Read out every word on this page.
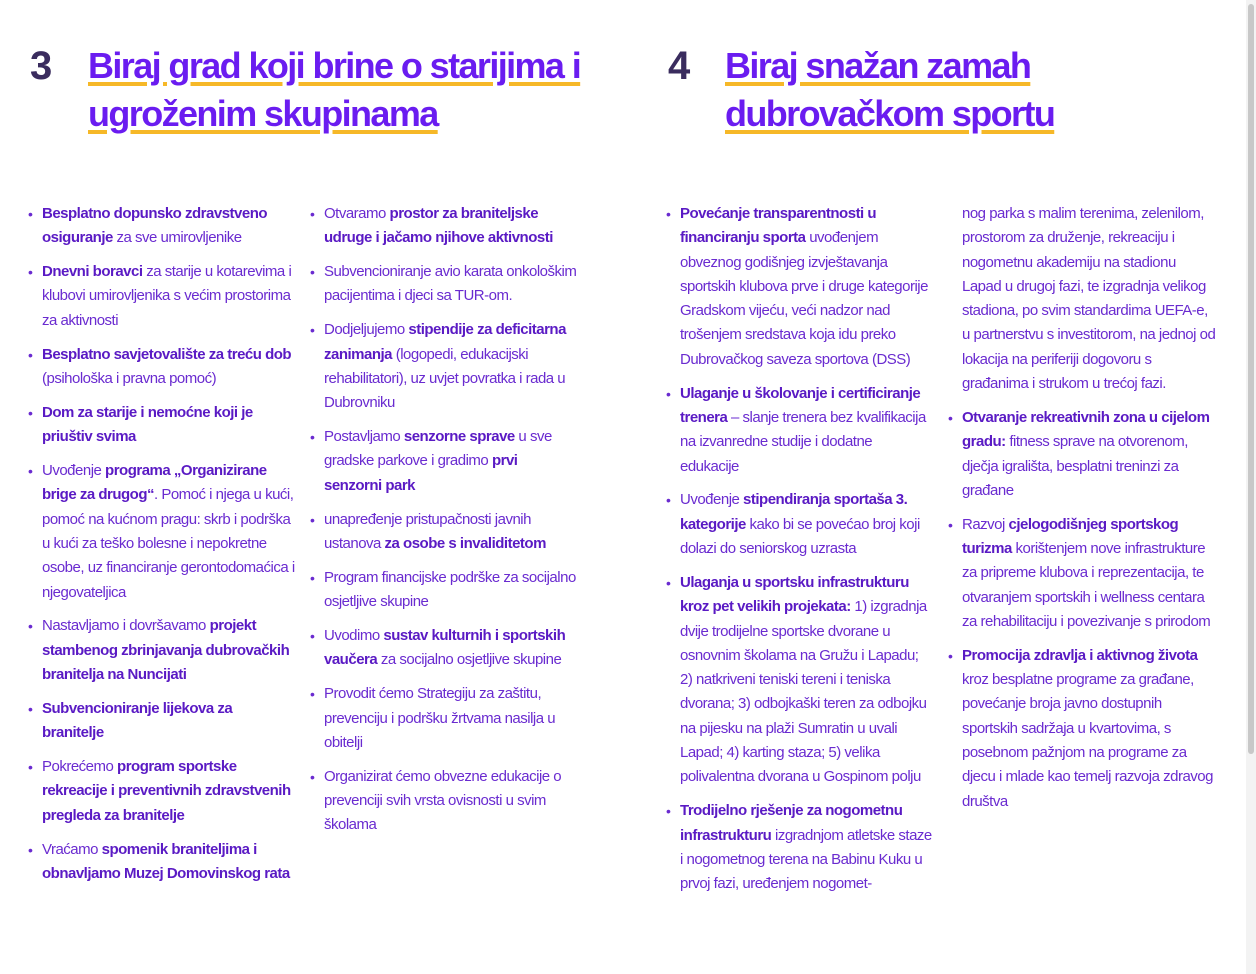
3 Biraj grad koji brine o starijima i
ugroženim skupinama
4 Biraj snažan zamah
dubrovačkom sportu
• Besplatno dopunsko zdravstveno osiguranje za sve umirovljenike
• Dnevni boravci za starije u kotarevima i klubovi umirovljenika s većim prostorima za aktivnosti
• Besplatno savjetovalište za treću dob (psihološka i pravna pomoć)
• Dom za starije i nemoćne koji je priuštiv svima
• Uvođenje programa „Organizirane brige za drugog“. Pomoć i njega u kući, pomoć na kućnom pragu: skrb i podrška u kući za teško bolesne i nepokretne osobe, uz financiranje gerontodomaćica i njegovateljica
• Nastavljamo i dovršavamo projekt stambenog zbrinjavanja dubrovačkih branitelja na Nuncijati
• Subvencioniranje lijekova za branitelje
• Pokrećemo program sportske rekreacije i preventivnih zdravstvenih pregleda za branitelje
• Vraćamo spomenik braniteljima i obnavljamo Muzej Domovinskog rata
• Otvaramo prostor za braniteljske udruge i jačamo njihove aktivnosti
• Subvencioniranje avio karata onkološkim pacijentima i djeci sa TUR-om.
• Dodjeljujemo stipendije za deficitarna zanimanja (logopedi, edukacijski rehabilitatori), uz uvjet povratka i rada u Dubrovniku
• Postavljamo senzorne sprave u sve gradske parkove i gradimo prvi senzorni park
• unapređenje pristupačnosti javnih ustanova za osobe s invaliditetom
• Program financijske podrške za socijalno osjetljive skupine
• Uvodimo sustav kulturnih i sportskih vaučera za socijalno osjetljive skupine
• Provodit ćemo Strategiju za zaštitu, prevenciju i podršku žrtvama nasilja u obitelji
• Organizirat ćemo obvezne edukacije o prevenciji svih vrsta ovisnosti u svim školama
• Povećanje transparentnosti u financiranju sporta uvođenjem obveznog godišnjeg izvještavanja sportskih klubova prve i druge kategorije Gradskom vijeću, veći nadzor nad trošenjem sredstava koja idu preko Dubrovačkog saveza sportova (DSS)
• Ulaganje u školovanje i certificiranje trenera – slanje trenera bez kvalifikacija na izvanredne studije i dodatne edukacije
• Uvođenje stipendiranja sportaša 3. kategorije kako bi se povećao broj koji dolazi do seniorskog uzrasta
• Ulaganja u sportsku infrastrukturu kroz pet velikih projekata: 1) izgradnja dvije trodijelne sportske dvorane u osnovnim školama na Gružu i Lapadu; 2) natkriveni teniski tereni i teniska dvorana; 3) odbojkaški teren za odbojku na pijesku na plaži Sumratin u uvali Lapad; 4) karting staza; 5) velika polivalentna dvorana u Gospinom polju
• Trodijelno rješenje za nogometnu infrastrukturu izgradnjom atletske staze i nogometnog terena na Babinu Kuku u prvoj fazi, uređenjem nogomet-
nog parka s malim terenima, zelenilom, prostorom za druženje, rekreaciju i nogometnu akademiju na stadionu Lapad u drugoj fazi, te izgradnja velikog stadiona, po svim standardima UEFA-e, u partnerstvu s investitorom, na jednoj od lokacija na periferiji dogovoru s građanima i strukom u trećoj fazi.
• Otvaranje rekreativnih zona u cijelom gradu: fitness sprave na otvorenom, dječja igrališta, besplatni treninzi za građane
• Razvoj cjelogodišnjeg sportskog turizma korištenjem nove infrastrukture za pripreme klubova i reprezentacija, te otvaranjem sportskih i wellness centara za rehabilitaciju i povezivanje s prirodom
• Promocija zdravlja i aktivnog života kroz besplatne programe za građane, povećanje broja javno dostupnih sportskih sadržaja u kvartovima, s posebnom pažnjom na programe za djecu i mlade kao temelj razvoja zdravog društva
